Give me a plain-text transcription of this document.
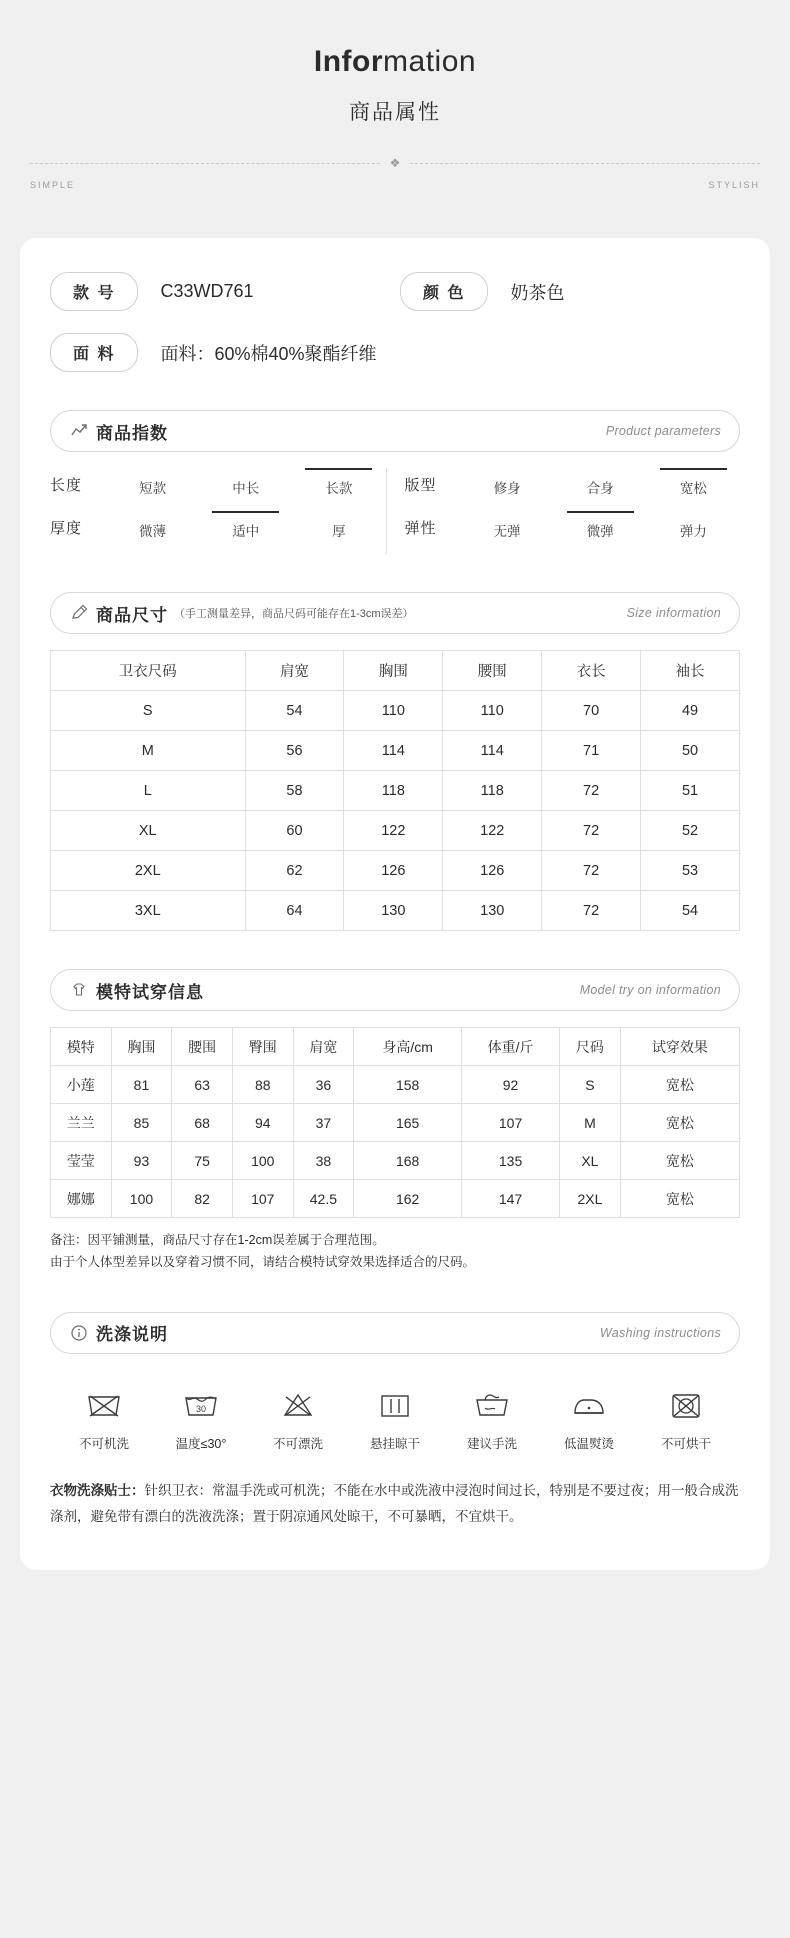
Information
商品属性
❖
SIMPLE	STYLISH
款 号	C33WD761	颜 色	奶茶色
面 料	面料：60%棉40%聚酯纤维
商品指数	Product parameters
长度	短款	中长	长款
厚度	微薄	适中	厚
版型	修身	合身	宽松
弹性	无弹	微弹	弹力
商品尺寸 （手工测量差异，商品尺码可能存在1-3cm误差）	Size information
卫衣尺码	肩宽	胸围	腰围	衣长	袖长
S	54	110	110	70	49
M	56	114	114	71	50
L	58	118	118	72	51
XL	60	122	122	72	52
2XL	62	126	126	72	53
3XL	64	130	130	72	54
模特试穿信息	Model try on information
模特	胸围	腰围	臀围	肩宽	身高/cm	体重/斤	尺码	试穿效果
小莲	81	63	88	36	158	92	S	宽松
兰兰	85	68	94	37	165	107	M	宽松
莹莹	93	75	100	38	168	135	XL	宽松
娜娜	100	82	107	42.5	162	147	2XL	宽松
备注：因平铺测量，商品尺寸存在1-2cm误差属于合理范围。
由于个人体型差异以及穿着习惯不同，请结合模特试穿效果选择适合的尺码。
洗涤说明	Washing instructions
不可机洗
30
温度≤30°	不可漂洗	悬挂晾干	建议手洗	低温熨烫	不可烘干
衣物洗涤贴士：针织卫衣：常温手洗或可机洗；不能在水中或洗液中浸泡时间过长，特别是不要过夜；用一般合成洗涤剂，避免带有漂白的洗液洗涤；置于阴凉通风处晾干，不可暴晒，不宜烘干。
